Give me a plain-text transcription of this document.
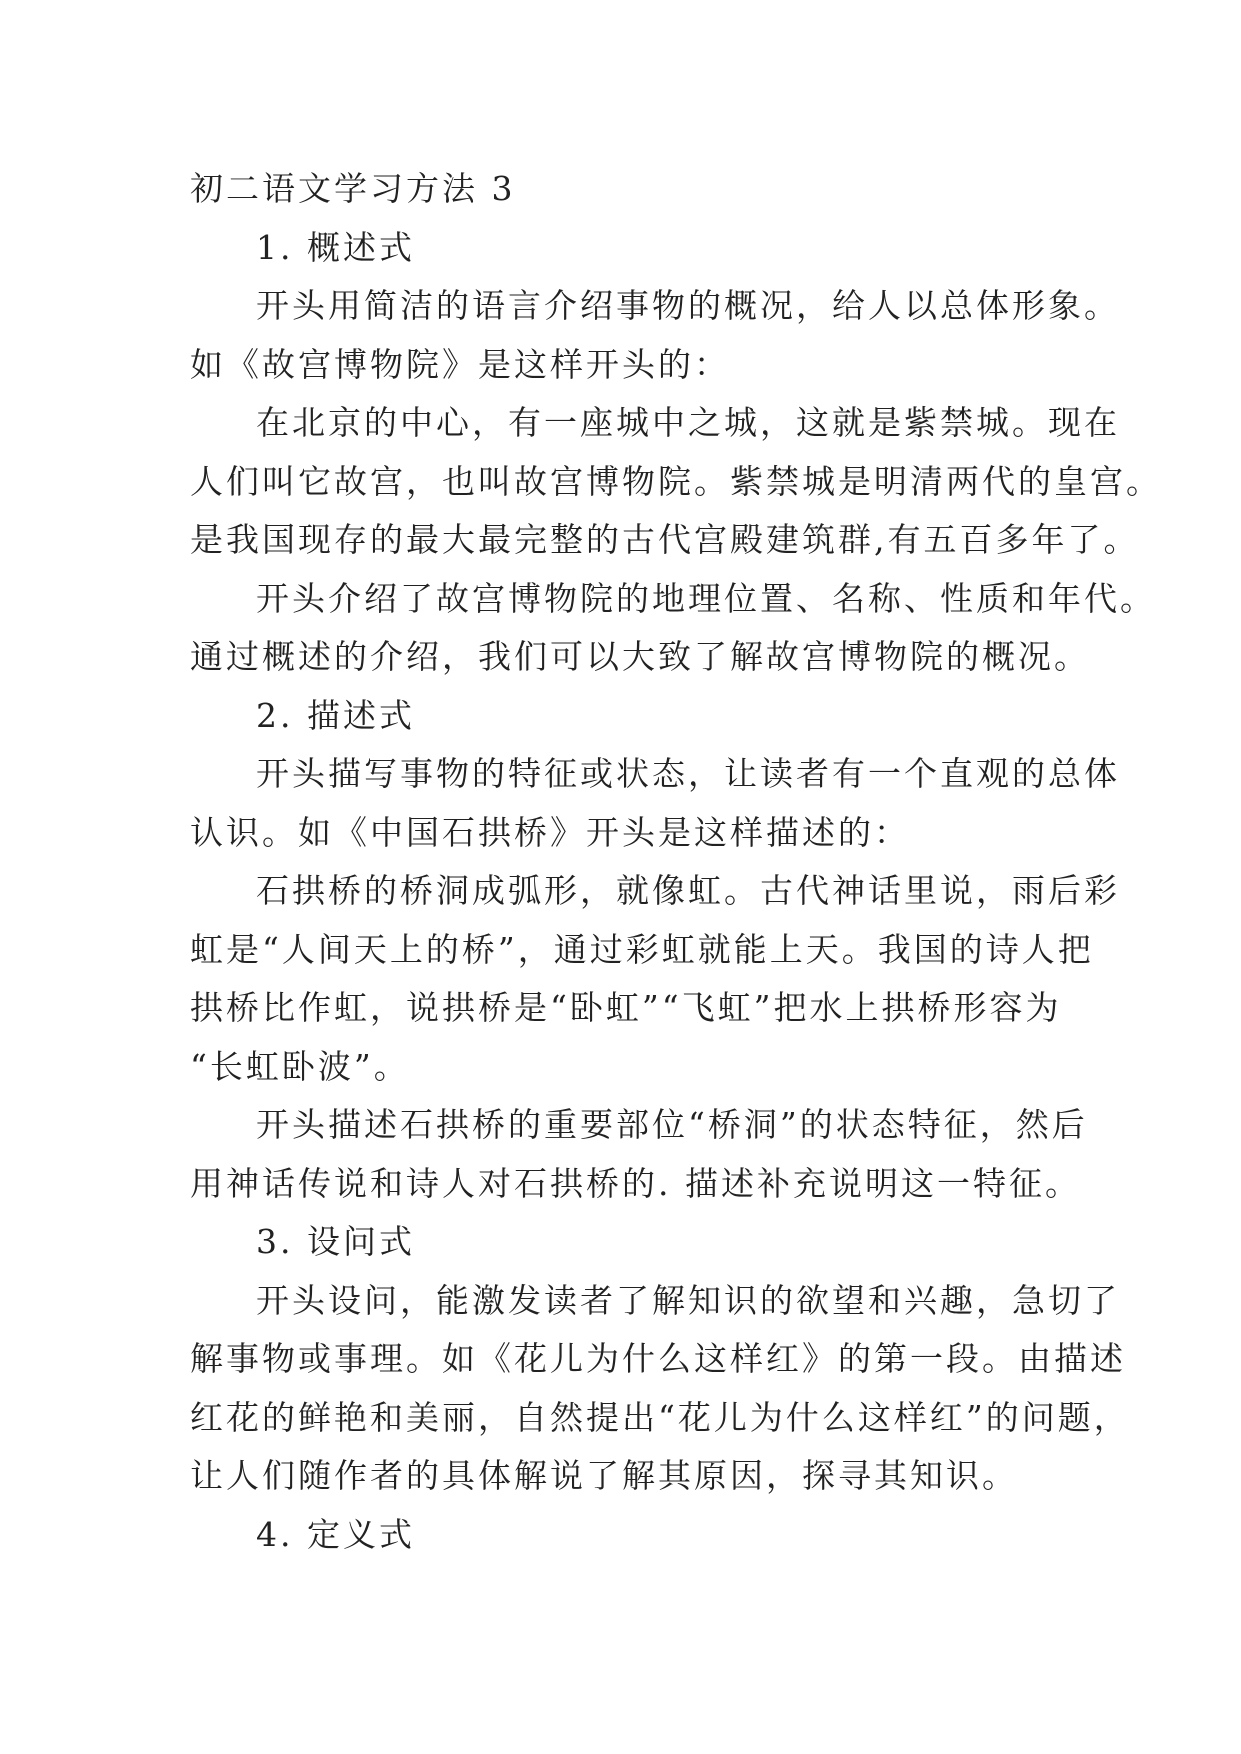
初二语文学习方法 3

1. 概述式

开头用简洁的语言介绍事物的概况，给人以总体形象。

如《故宫博物院》是这样开头的：

在北京的中心，有一座城中之城，这就是紫禁城。现在

人们叫它故宫，也叫故宫博物院。紫禁城是明清两代的皇宫。

是我国现存的最大最完整的古代宫殿建筑群,有五百多年了。

开头介绍了故宫博物院的地理位置、名称、性质和年代。

通过概述的介绍，我们可以大致了解故宫博物院的概况。

2. 描述式

开头描写事物的特征或状态，让读者有一个直观的总体

认识。如《中国石拱桥》开头是这样描述的：

石拱桥的桥洞成弧形，就像虹。古代神话里说，雨后彩

虹是“人间天上的桥”，通过彩虹就能上天。我国的诗人把

拱桥比作虹，说拱桥是“卧虹”“飞虹”把水上拱桥形容为

“长虹卧波”。

开头描述石拱桥的重要部位“桥洞”的状态特征，然后

用神话传说和诗人对石拱桥的. 描述补充说明这一特征。

3. 设问式

开头设问，能激发读者了解知识的欲望和兴趣，急切了

解事物或事理。如《花儿为什么这样红》的第一段。由描述

红花的鲜艳和美丽，自然提出“花儿为什么这样红”的问题，

让人们随作者的具体解说了解其原因，探寻其知识。

4. 定义式
